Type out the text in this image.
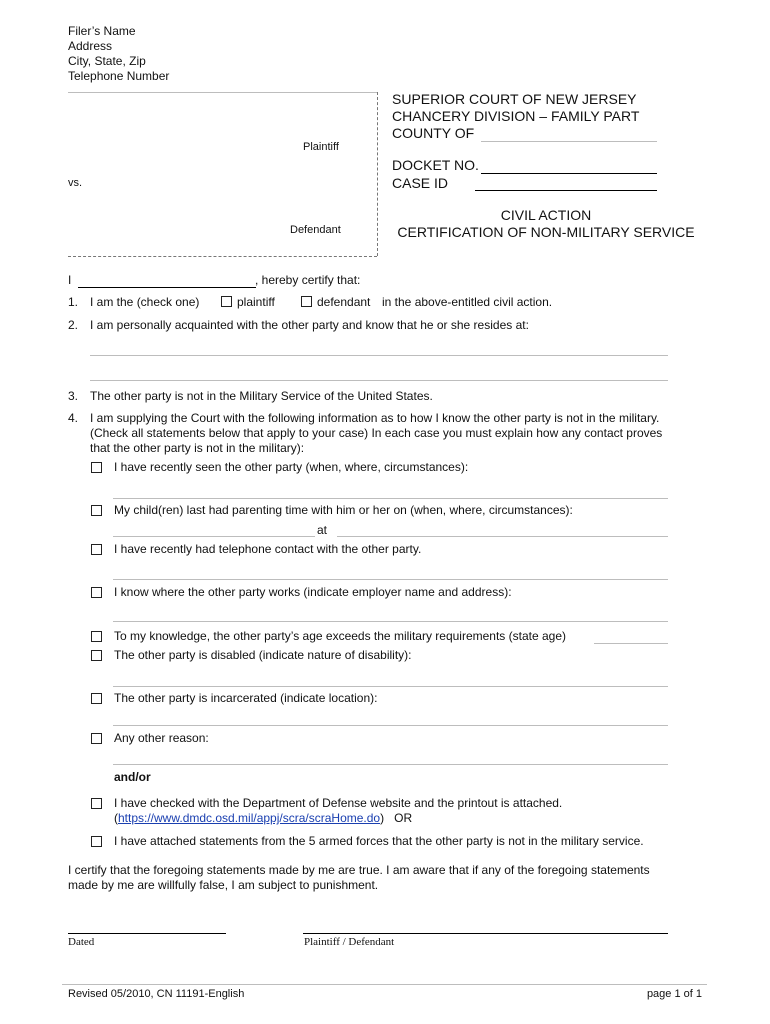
Filer’s Name
Address
City, State, Zip
Telephone Number
Plaintiff
vs.
Defendant
SUPERIOR COURT OF NEW JERSEY
CHANCERY DIVISION – FAMILY PART
COUNTY OF
DOCKET NO.
CASE ID
CIVIL ACTION
CERTIFICATION OF NON-MILITARY SERVICE
I	, hereby certify that:
1. I am the (check one)	plaintiff	defendant in the above-entitled civil action.
2. I am personally acquainted with the other party and know that he or she resides at:
3. The other party is not in the Military Service of the United States.
4. I am supplying the Court with the following information as to how I know the other party is not in the military.
(Check all statements below that apply to your case) In each case you must explain how any contact proves
that the other party is not in the military):
I have recently seen the other party (when, where, circumstances):
My child(ren) last had parenting time with him or her on (when, where, circumstances):
at
I have recently had telephone contact with the other party.
I know where the other party works (indicate employer name and address):
To my knowledge, the other party’s age exceeds the military requirements (state age)
The other party is disabled (indicate nature of disability):
The other party is incarcerated (indicate location):
Any other reason:
and/or
I have checked with the Department of Defense website and the printout is attached.
(https://www.dmdc.osd.mil/appj/scra/scraHome.do)   OR
I have attached statements from the 5 armed forces that the other party is not in the military service.
I certify that the foregoing statements made by me are true. I am aware that if any of the foregoing statements
made by me are willfully false, I am subject to punishment.
Dated	Plaintiff / Defendant
Revised 05/2010, CN 11191-English	page 1 of 1
